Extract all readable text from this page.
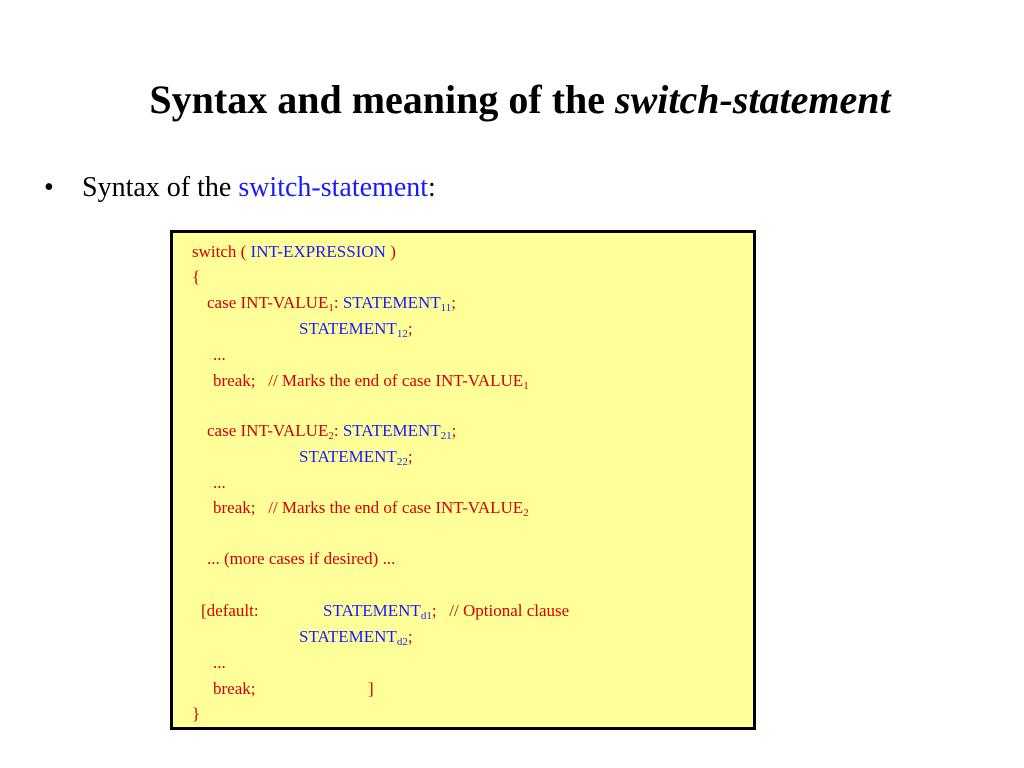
Syntax and meaning of the switch-statement
• Syntax of the switch-statement:
switch ( INT-EXPRESSION )
{
case INT-$VALUE_1$: $STATEMENT_{11}$;
$STATEMENT_{12}$;
...
break; // Marks the end of case INT-$VALUE_1$
case INT-$VALUE_2$: $STATEMENT_{21}$;
$STATEMENT_{22}$;
...
break; // Marks the end of case INT-$VALUE_2$
... (more cases if desired) ...
[default:	$STATEMENT_{d1}$; // Optional clause
$STATEMENT_{d2}$;
...
break;	]
}
